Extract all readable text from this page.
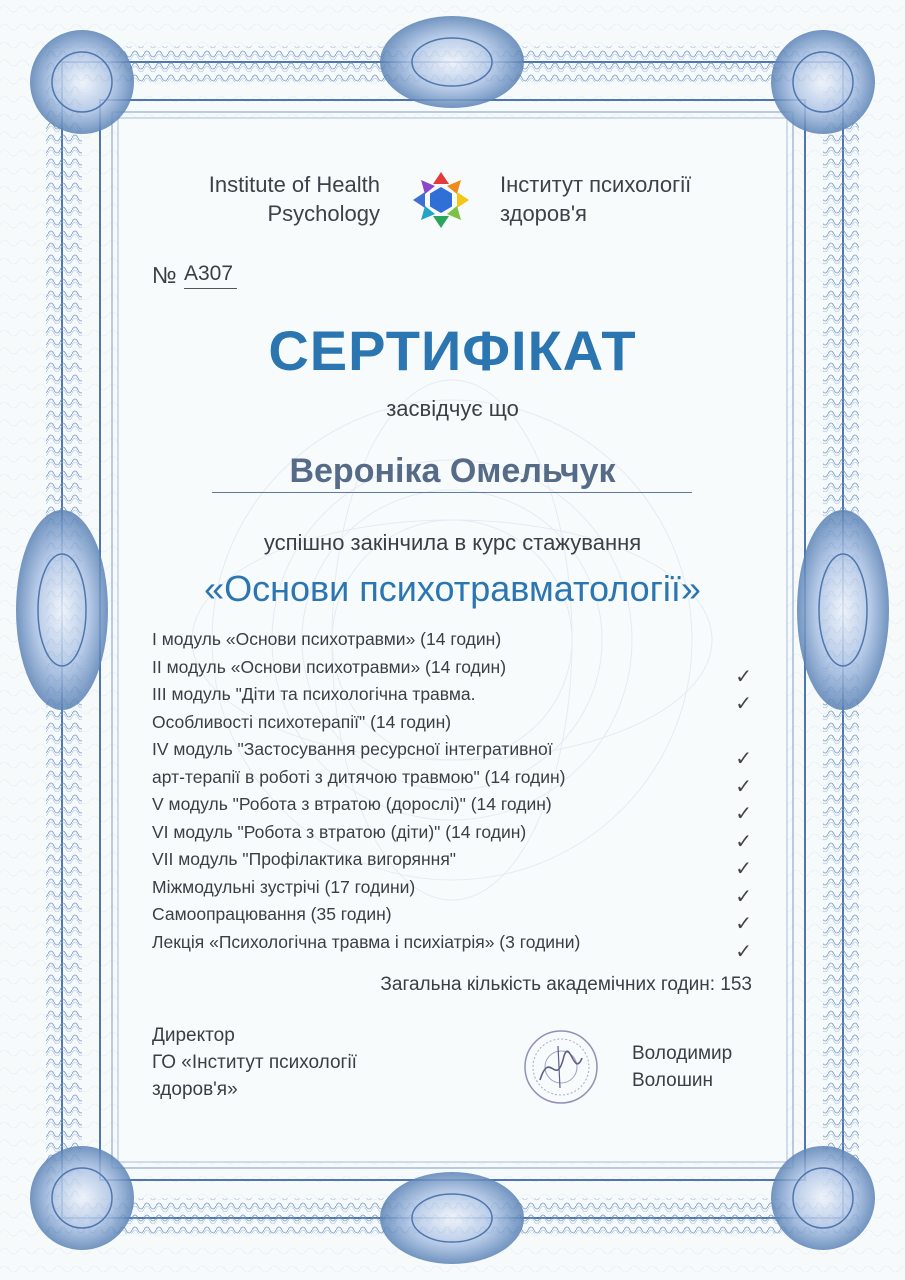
Institute of Health
Psychology
Інститут психології
здоров'я
№ А307
СЕРТИФІКАТ
засвідчує що
Вероніка Омельчук
успішно закінчила в курс стажування
«Основи психотравматології»
І модуль «Основи психотравми» (14 годин)
ІІ модуль «Основи психотравми» (14 годин)	✓
ІІІ модуль "Діти та психологічна травма.	✓
Особливості психотерапії" (14 годин)
IV модуль "Застосування ресурсної інтегративної	✓
арт-терапії в роботі з дитячою травмою" (14 годин)	✓
V модуль "Робота з втратою (дорослі)" (14 годин)	✓
VI модуль "Робота з втратою (діти)" (14 годин)	✓
VII модуль "Профілактика вигоряння"	✓
Міжмодульні зустрічі (17 години)	✓
Самоопрацювання (35 годин)	✓
Лекція «Психологічна травма і психіатрія» (3 години)	✓
Загальна кількість академічних годин: 153
Директор
ГО «Інститут психології
здоров'я»
Володимир
Волошин
